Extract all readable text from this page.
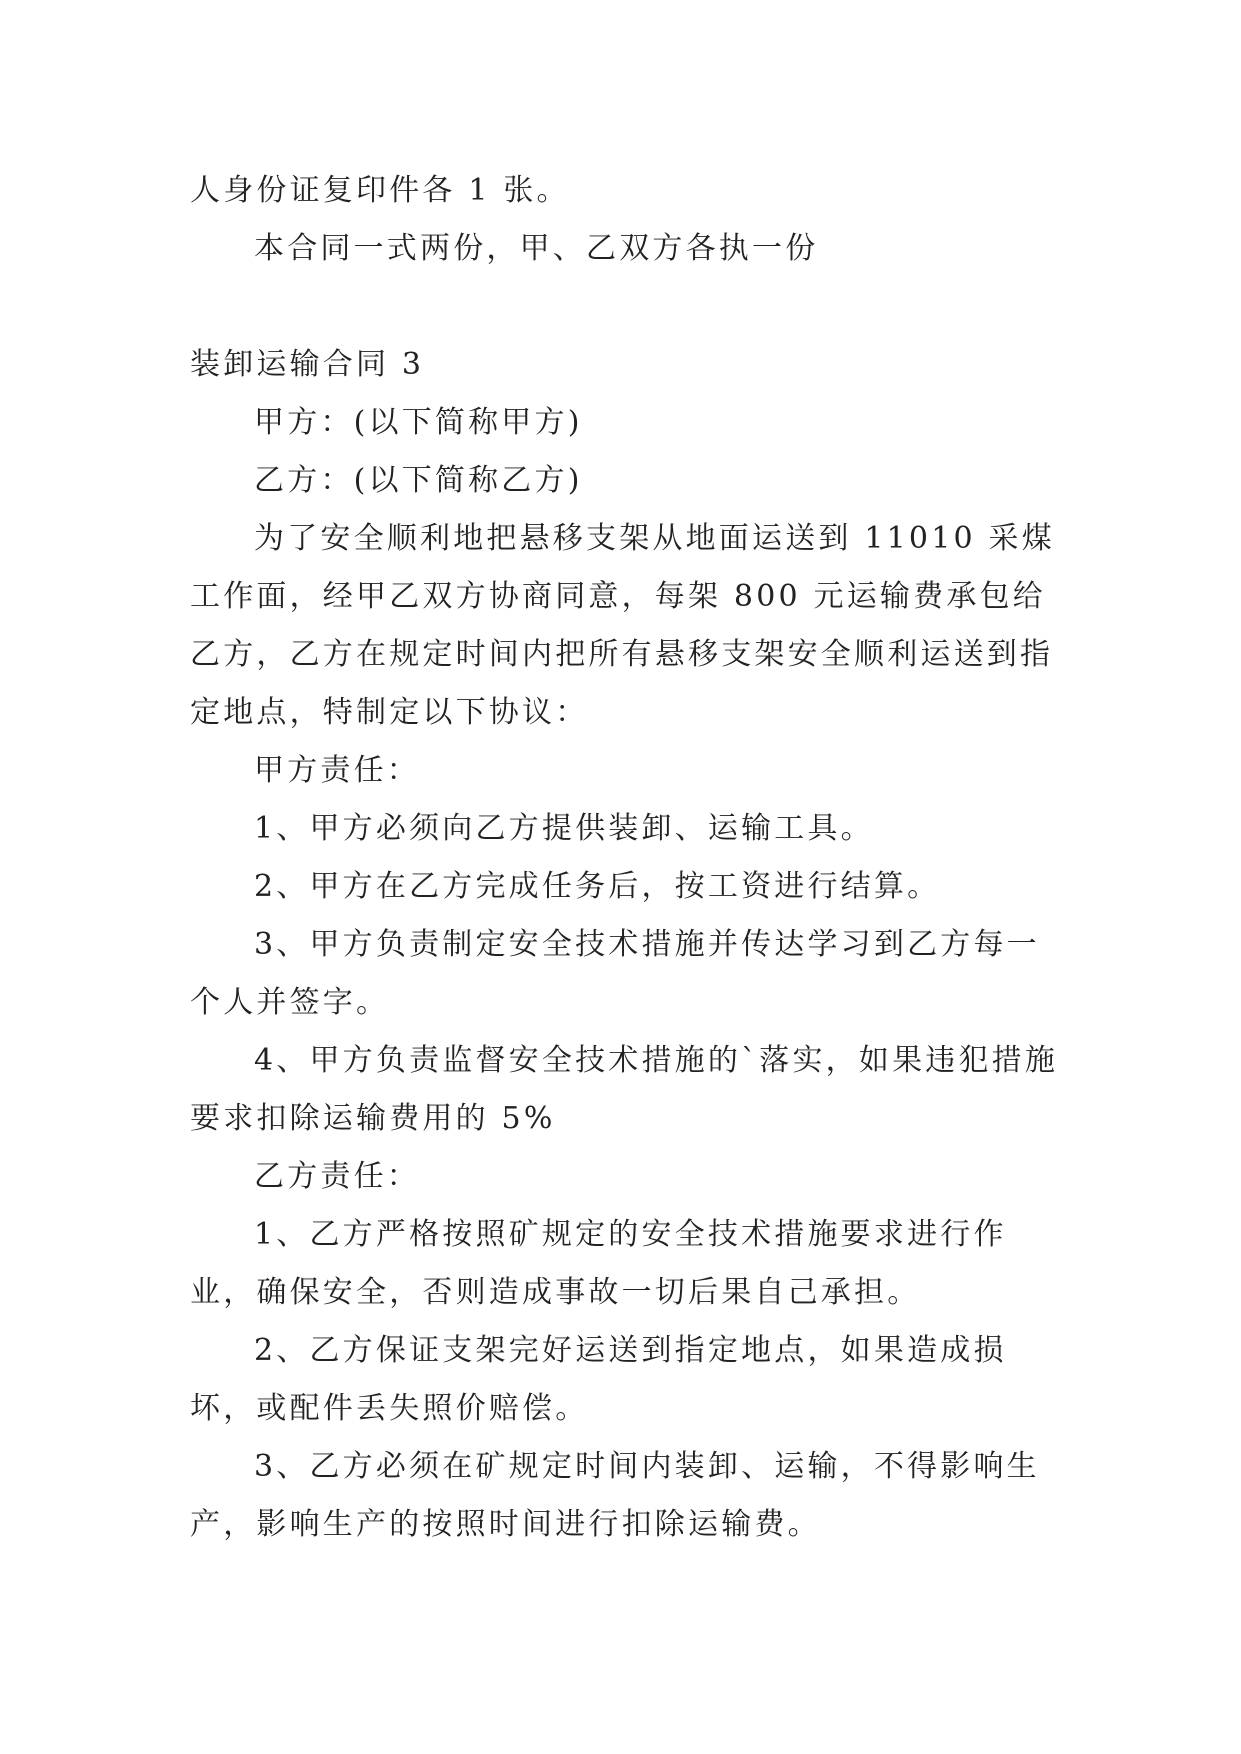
人身份证复印件各 1 张。

本合同一式两份，甲、乙双方各执一份

装卸运输合同 3

甲方：(以下简称甲方)

乙方：(以下简称乙方)

为了安全顺利地把悬移支架从地面运送到 11010 采煤工作面，经甲乙双方协商同意，每架 800 元运输费承包给乙方，乙方在规定时间内把所有悬移支架安全顺利运送到指定地点，特制定以下协议：

甲方责任：

1、甲方必须向乙方提供装卸、运输工具。

2、甲方在乙方完成任务后，按工资进行结算。

3、甲方负责制定安全技术措施并传达学习到乙方每一个人并签字。

4、甲方负责监督安全技术措施的`落实，如果违犯措施要求扣除运输费用的 5%

乙方责任：

1、乙方严格按照矿规定的安全技术措施要求进行作业，确保安全，否则造成事故一切后果自己承担。

2、乙方保证支架完好运送到指定地点，如果造成损坏，或配件丢失照价赔偿。

3、乙方必须在矿规定时间内装卸、运输，不得影响生产，影响生产的按照时间进行扣除运输费。
